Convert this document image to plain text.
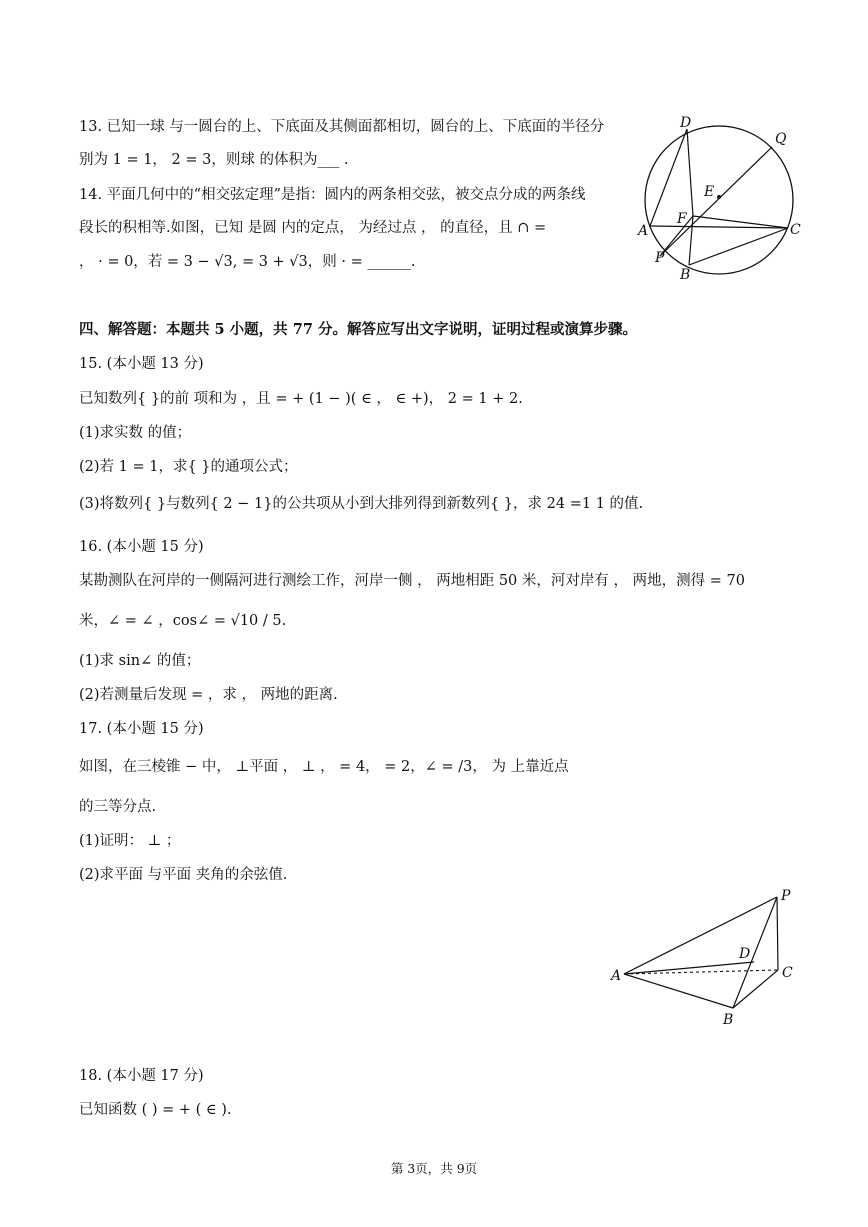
13. 已知一球 与一圆台的上、下底面及其侧面都相切，圆台的上、下底面的半径分
别为 1 = 1， 2 = 3，则球 的体积为___ .
14. 平面几何中的“相交弦定理”是指：圆内的两条相交弦，被交点分成的两条线
段长的积相等.如图，已知 是圆 内的定点， 为经过点 ， 的直径，且 ∩ =
， · = 0，若 = 3 − √3, = 3 + √3，则 · = ______.
四、解答题：本题共 5 小题，共 77 分。解答应写出文字说明，证明过程或演算步骤。
15. (本小题 13 分)
已知数列{ }的前 项和为 ，且 = + (1 − )( ∈ ， ∈ +)， 2 = 1 + 2.
(1)求实数 的值；
(2)若 1 = 1，求{ }的通项公式；
(3)将数列{ }与数列{ 2 − 1}的公共项从小到大排列得到新数列{ }，求 24 =1 1 的值.
16. (本小题 15 分)
某勘测队在河岸的一侧隔河进行测绘工作，河岸一侧 ， 两地相距 50 米，河对岸有 ， 两地，测得 = 70
米，∠ = ∠ ，cos∠ = √10 / 5.
(1)求 sin∠ 的值；
(2)若测量后发现 = ，求 ， 两地的距离.
17. (本小题 15 分)
如图，在三棱锥 − 中， ⊥平面 ， ⊥ ， = 4， = 2，∠ = /3， 为 上靠近点
的三等分点.
(1)证明： ⊥ ；
(2)求平面 与平面 夹角的余弦值.
18. (本小题 17 分)
已知函数 ( ) = + ( ∈ ).
D
Q
E
F
A	C
P
B
P
D
A	C
B
第 3页，共 9页
